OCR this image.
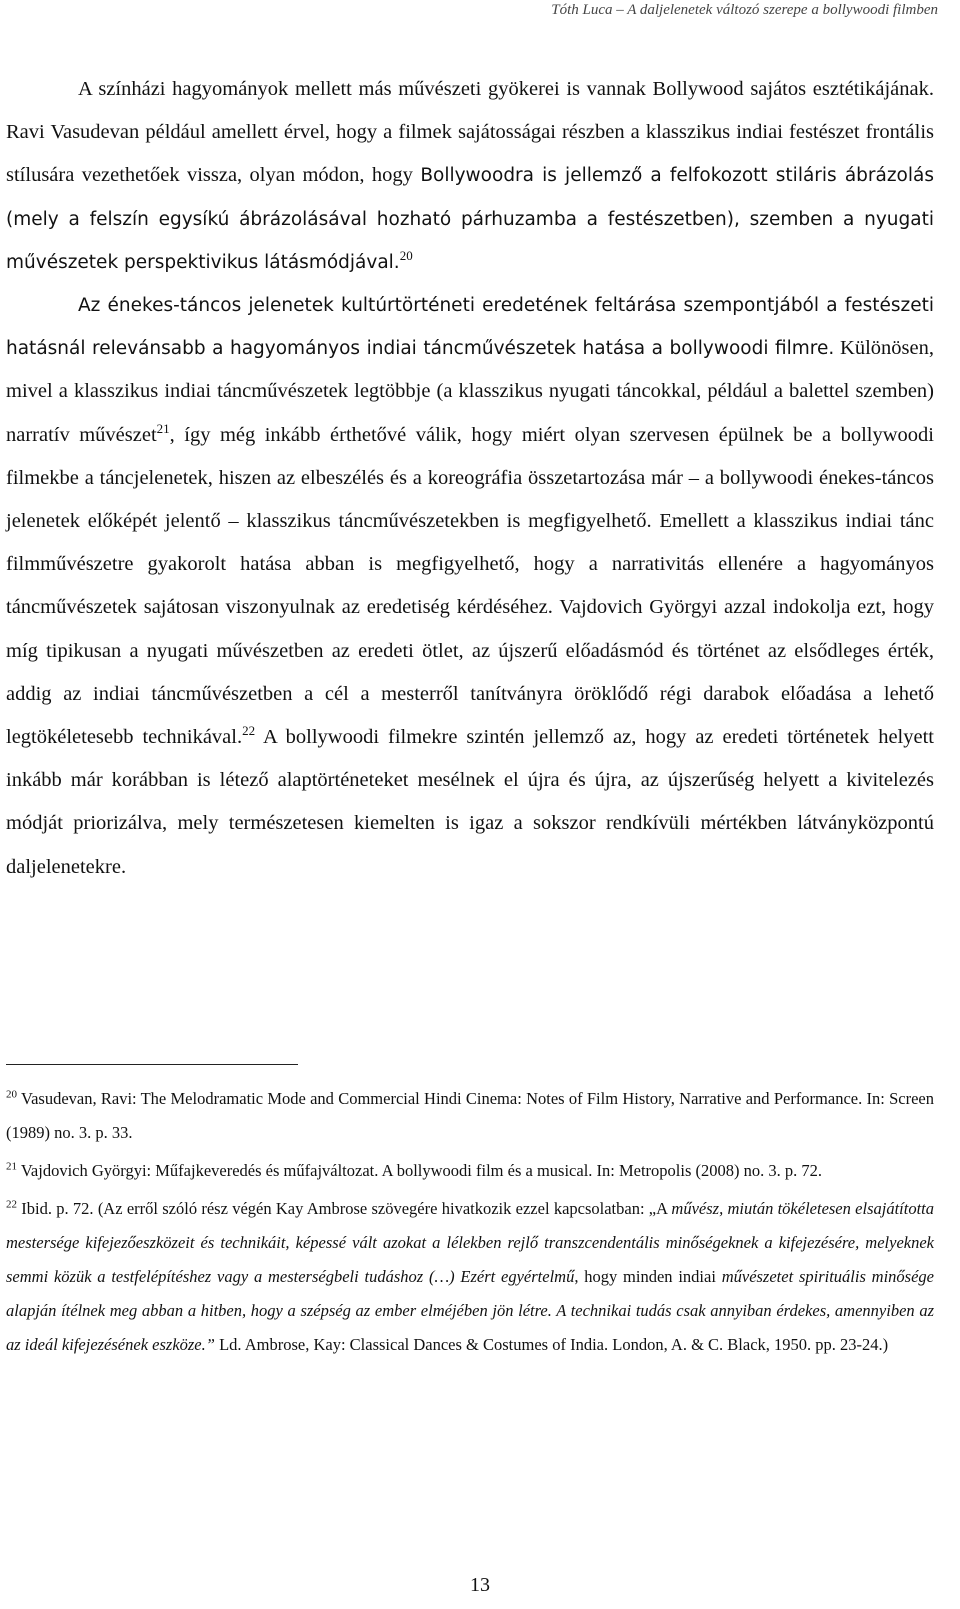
Tóth Luca – A daljelenetek változó szerepe a bollywoodi filmben

A színházi hagyományok mellett más művészeti gyökerei is vannak Bollywood sajátos esztétikájának. Ravi Vasudevan például amellett érvel, hogy a filmek sajátosságai részben a klasszikus indiai festészet frontális stílusára vezethetőek vissza, olyan módon, hogy Bollywoodra is jellemző a felfokozott stiláris ábrázolás (mely a felszín egysíkú ábrázolásával hozható párhuzamba a festészetben), szemben a nyugati művészetek perspektivikus látásmódjával.$^{20}$

Az énekes-táncos jelenetek kultúrtörténeti eredetének feltárása szempontjából a festészeti hatásnál relevánsabb a hagyományos indiai táncművészetek hatása a bollywoodi filmre. Különösen, mivel a klasszikus indiai táncművészetek legtöbbje (a klasszikus nyugati táncokkal, például a balettel szemben) narratív művészet$^{21}$, így még inkább érthetővé válik, hogy miért olyan szervesen épülnek be a bollywoodi filmekbe a táncjelenetek, hiszen az elbeszélés és a koreográfia összetartozása már – a bollywoodi énekes-táncos jelenetek előképét jelentő – klasszikus táncművészetekben is megfigyelhető. Emellett a klasszikus indiai tánc filmművészetre gyakorolt hatása abban is megfigyelhető, hogy a narrativitás ellenére a hagyományos táncművészetek sajátosan viszonyulnak az eredetiség kérdéséhez. Vajdovich Györgyi azzal indokolja ezt, hogy míg tipikusan a nyugati művészetben az eredeti ötlet, az újszerű előadásmód és történet az elsődleges érték, addig az indiai táncművészetben a cél a mesterről tanítványra öröklődő régi darabok előadása a lehető legtökéletesebb technikával.$^{22}$ A bollywoodi filmekre szintén jellemző az, hogy az eredeti történetek helyett inkább már korábban is létező alaptörténeteket mesélnek el újra és újra, az újszerűség helyett a kivitelezés módját priorizálva, mely természetesen kiemelten is igaz a sokszor rendkívüli mértékben látványközpontú daljelenetekre.

$^{20}$ Vasudevan, Ravi: The Melodramatic Mode and Commercial Hindi Cinema: Notes of Film History, Narrative and Performance. In: Screen (1989) no. 3. p. 33.

$^{21}$ Vajdovich Györgyi: Műfajkeveredés és műfajváltozat. A bollywoodi film és a musical. In: Metropolis (2008) no. 3. p. 72.

$^{22}$ Ibid. p. 72. (Az erről szóló rész végén Kay Ambrose szövegére hivatkozik ezzel kapcsolatban: „A művész, miután tökéletesen elsajátította mestersége kifejezőeszközeit és technikáit, képessé vált azokat a lélekben rejlő transzcendentális minőségeknek a kifejezésére, melyeknek semmi közük a testfelépítéshez vagy a mesterségbeli tudáshoz (…) Ezért egyértelmű, hogy minden indiai művészetet spirituális minősége alapján ítélnek meg abban a hitben, hogy a szépség az ember elméjében jön létre. A technikai tudás csak annyiban érdekes, amennyiben az az ideál kifejezésének eszköze.” Ld. Ambrose, Kay: Classical Dances & Costumes of India. London, A. & C. Black, 1950. pp. 23-24.)

13
